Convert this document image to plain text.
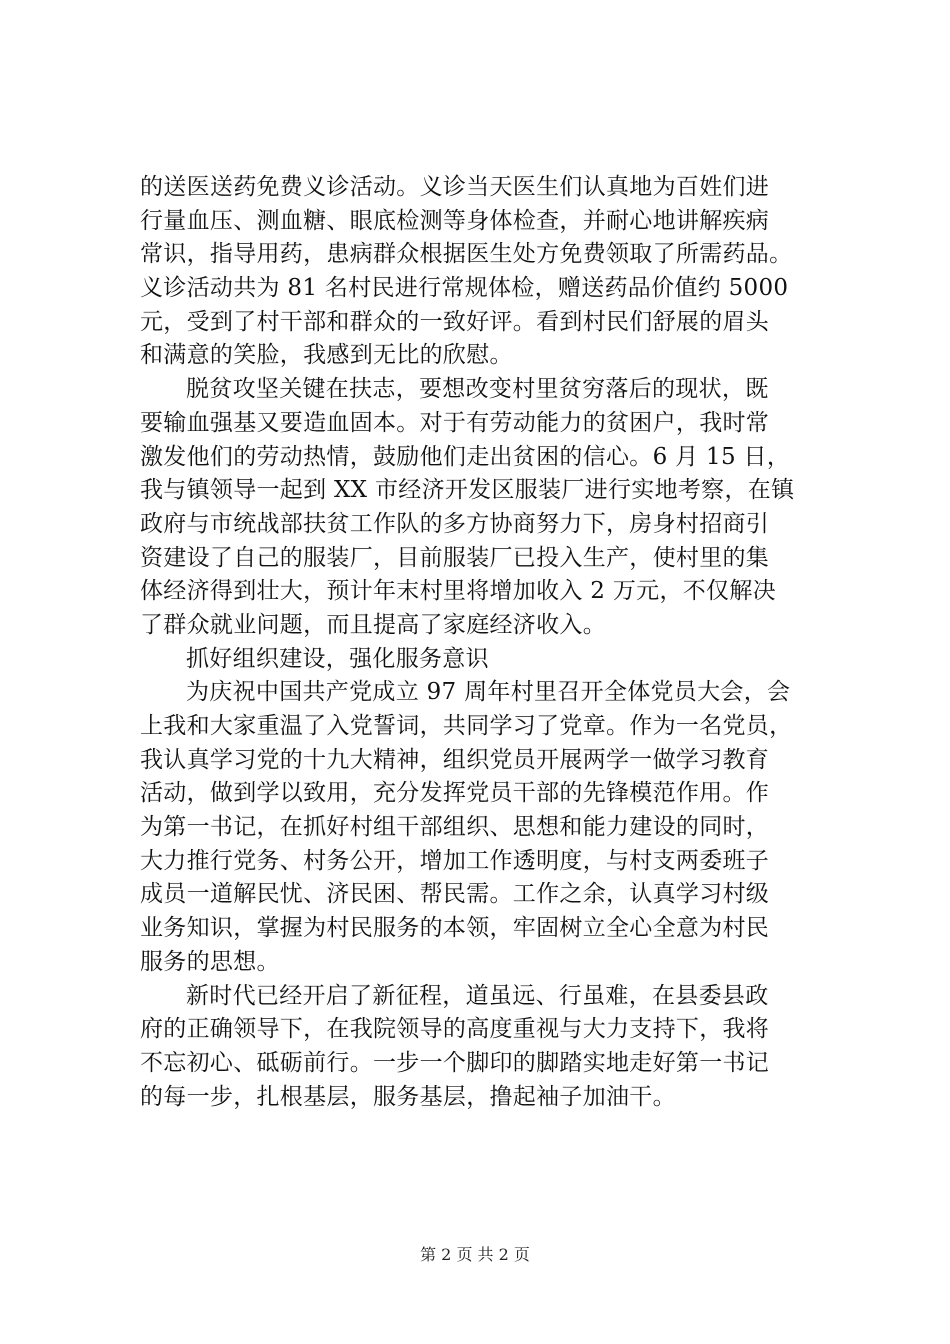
的送医送药免费义诊活动。义诊当天医生们认真地为百姓们进
行量血压、测血糖、眼底检测等身体检查，并耐心地讲解疾病
常识，指导用药，患病群众根据医生处方免费领取了所需药品。
义诊活动共为 81 名村民进行常规体检，赠送药品价值约 5000
元，受到了村干部和群众的一致好评。看到村民们舒展的眉头
和满意的笑脸，我感到无比的欣慰。
脱贫攻坚关键在扶志，要想改变村里贫穷落后的现状，既
要输血强基又要造血固本。对于有劳动能力的贫困户，我时常
激发他们的劳动热情，鼓励他们走出贫困的信心。6 月 15 日，
我与镇领导一起到 XX 市经济开发区服装厂进行实地考察，在镇
政府与市统战部扶贫工作队的多方协商努力下，房身村招商引
资建设了自己的服装厂，目前服装厂已投入生产，使村里的集
体经济得到壮大，预计年末村里将增加收入 2 万元，不仅解决
了群众就业问题，而且提高了家庭经济收入。
抓好组织建设，强化服务意识
为庆祝中国共产党成立 97 周年村里召开全体党员大会，会
上我和大家重温了入党誓词，共同学习了党章。作为一名党员，
我认真学习党的十九大精神，组织党员开展两学一做学习教育
活动，做到学以致用，充分发挥党员干部的先锋模范作用。作
为第一书记，在抓好村组干部组织、思想和能力建设的同时，
大力推行党务、村务公开，增加工作透明度，与村支两委班子
成员一道解民忧、济民困、帮民需。工作之余，认真学习村级
业务知识，掌握为村民服务的本领，牢固树立全心全意为村民
服务的思想。
新时代已经开启了新征程，道虽远、行虽难，在县委县政
府的正确领导下，在我院领导的高度重视与大力支持下，我将
不忘初心、砥砺前行。一步一个脚印的脚踏实地走好第一书记
的每一步，扎根基层，服务基层，撸起袖子加油干。
第 2 页 共 2 页
